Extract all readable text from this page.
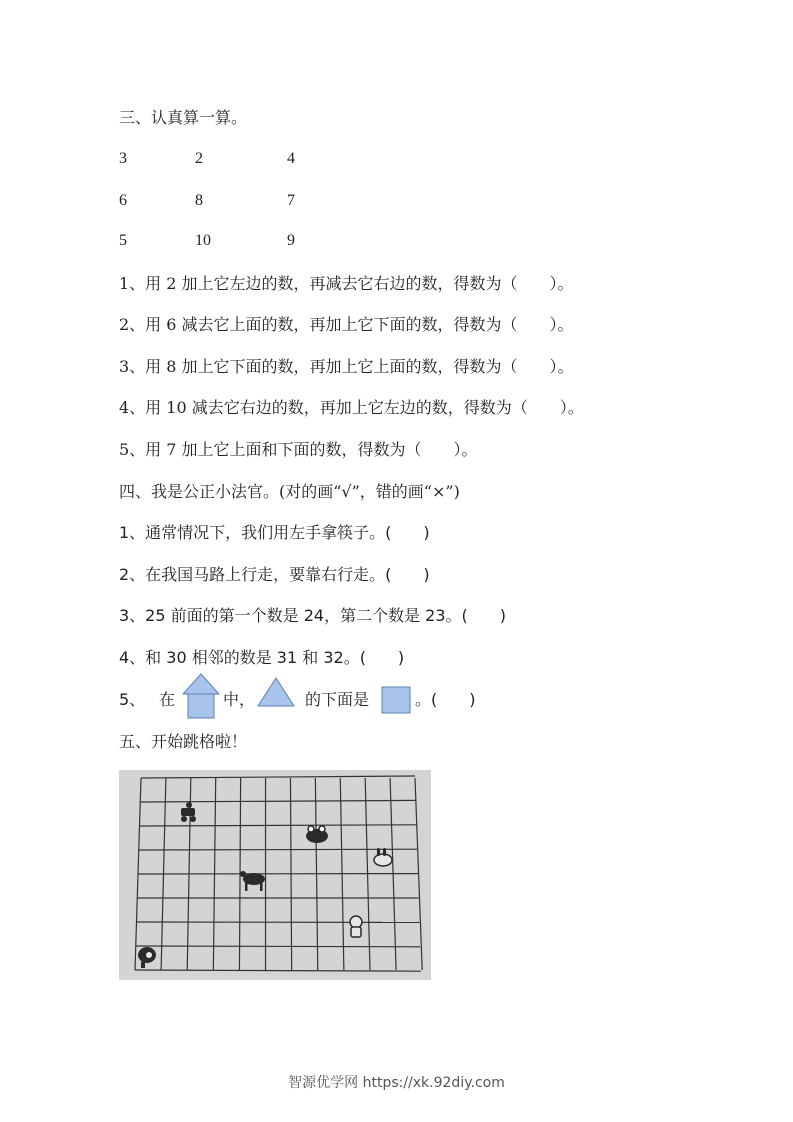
三、认真算一算。
3	2	4
6	8	7
5	10	9
1、用 2 加上它左边的数，再减去它右边的数，得数为（　　）。
2、用 6 减去它上面的数，再加上它下面的数，得数为（　　）。
3、用 8 加上它下面的数，再加上它上面的数，得数为（　　）。
4、用 10 减去它右边的数，再加上它左边的数，得数为（　　）。
5、用 7 加上它上面和下面的数，得数为（　　）。
四、我是公正小法官。(对的画“√”，错的画“×”)
1、通常情况下，我们用左手拿筷子。(　　)
2、在我国马路上行走，要靠右行走。(　　)
3、25 前面的第一个数是 24，第二个数是 23。(　　)
4、和 30 相邻的数是 31 和 32。(　　)
5、 在	中，	的下面是	。(　　)
五、开始跳格啦！
智源优学网 https://xk.92diy.com
